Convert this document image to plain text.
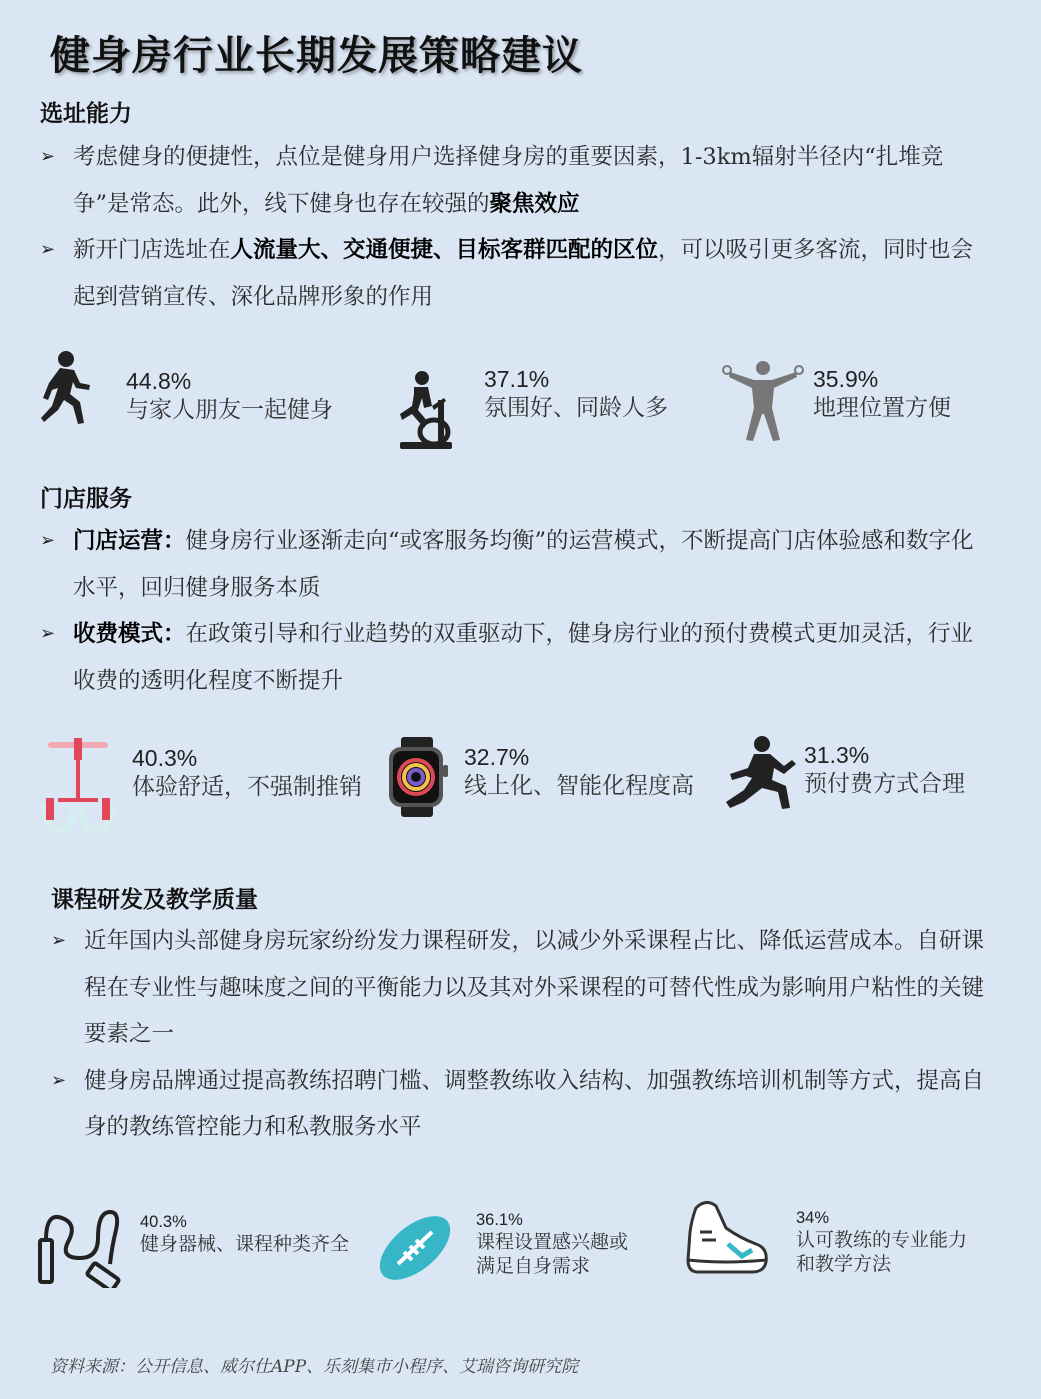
健身房行业长期发展策略建议
选址能力
➢ 考虑健身的便捷性，点位是健身用户选择健身房的重要因素，1-3km辐射半径内“扎堆竞争”是常态。此外，线下健身也存在较强的聚焦效应
➢ 新开门店选址在人流量大、交通便捷、目标客群匹配的区位，可以吸引更多客流，同时也会起到营销宣传、深化品牌形象的作用
44.8%
与家人朋友一起健身
37.1%
氛围好、同龄人多
35.9%
地理位置方便
门店服务
➢ 门店运营：健身房行业逐渐走向“或客服务均衡”的运营模式，不断提高门店体验感和数字化水平，回归健身服务本质
➢ 收费模式：在政策引导和行业趋势的双重驱动下，健身房行业的预付费模式更加灵活，行业收费的透明化程度不断提升
40.3%
体验舒适，不强制推销
32.7%
线上化、智能化程度高
31.3%
预付费方式合理
课程研发及教学质量
➢ 近年国内头部健身房玩家纷纷发力课程研发，以减少外采课程占比、降低运营成本。自研课程在专业性与趣味度之间的平衡能力以及其对外采课程的可替代性成为影响用户粘性的关键要素之一
➢ 健身房品牌通过提高教练招聘门槛、调整教练收入结构、加强教练培训机制等方式，提高自身的教练管控能力和私教服务水平
40.3%
健身器械、课程种类齐全
36.1%
课程设置感兴趣或
满足自身需求
34%
认可教练的专业能力
和教学方法

资料来源：公开信息、威尔仕APP、乐刻集市小程序、艾瑞咨询研究院
